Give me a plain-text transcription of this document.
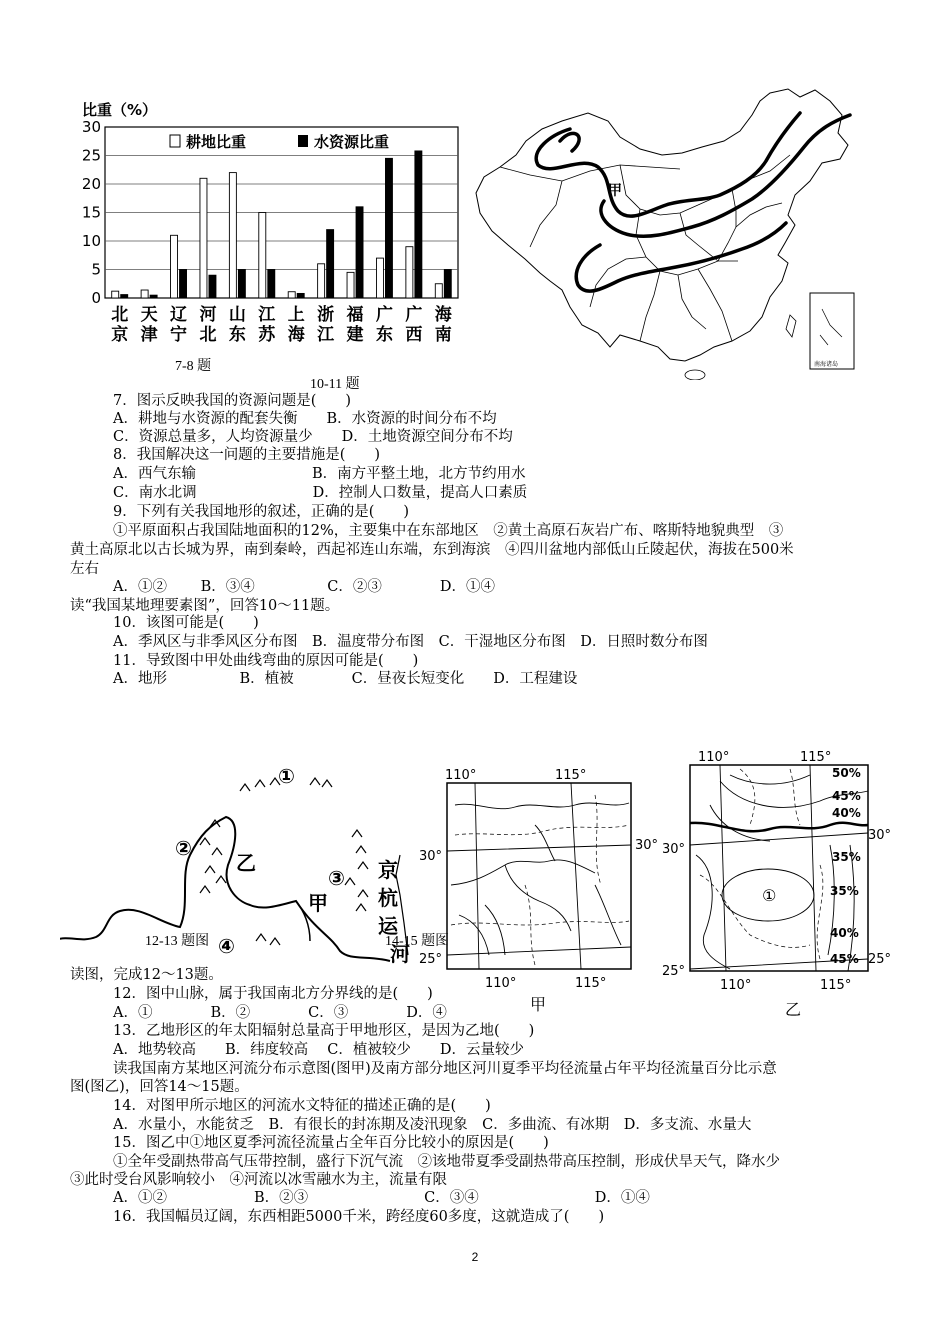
比重（%）
0
5
10
15
20
25
30
耕地比重	水资源比重
北
京
天
津
辽
宁
河
北
山
东
江
苏
上
海
浙
江
福
建
广
东
广
西
海
南
7-8 题
甲
南海诸岛
10-11 题
7．图示反映我国的资源问题是(　　)
A．耕地与水资源的配套失衡　　B．水资源的时间分布不均
C．资源总量多，人均资源量少　　D．土地资源空间分布不均
8．我国解决这一问题的主要措施是(　　)
A．西气东输　　　　　　　　B．南方平整土地，北方节约用水
C．南水北调　　　　　　　　D．控制人口数量，提高人口素质
9．下列有关我国地形的叙述，正确的是(　　)
①平原面积占我国陆地面积的12%，主要集中在东部地区　②黄土高原石灰岩广布、喀斯特地貌典型　③
黄土高原北以古长城为界，南到秦岭，西起祁连山东端，东到海滨　④四川盆地内部低山丘陵起伏，海拔在500米
左右
A．①②　　 B．③④　　　　　C．②③　　　　D．①④
读“我国某地理要素图”，回答10～11题。
10．该图可能是(　　)
A．季风区与非季风区分布图　B．温度带分布图　C．干湿地区分布图　D．日照时数分布图
11．导致图中甲处曲线弯曲的原因可能是(　　)
A．地形　　　　　B．植被　　　　C．昼夜长短变化　　D．工程建设
①
②
③
④
乙
甲
京
杭
运
河
12-13 题图	14-15 题图
110°	115°
30°
30°
25°
110°	115°
甲
110°	115°
30°
30°
25°
25°
110°	115°
乙
50%
45%
40%
35%
35%
40%
45%
①
读图，完成12～13题。
12．图中山脉，属于我国南北方分界线的是(　　)
A．①　　　　B．②　　　　C．③　　　　D．④
13．乙地形区的年太阳辐射总量高于甲地形区，是因为乙地(　　)
A．地势较高　　B．纬度较高　 C．植被较少　　D．云量较少
读我国南方某地区河流分布示意图(图甲)及南方部分地区河川夏季平均径流量占年平均径流量百分比示意
图(图乙)，回答14～15题。
14．对图甲所示地区的河流水文特征的描述正确的是(　　)
A．水量小，水能贫乏　B．有很长的封冻期及凌汛现象　C．多曲流、有冰期　D．多支流、水量大
15．图乙中①地区夏季河流径流量占全年百分比较小的原因是(　　)
①全年受副热带高气压带控制，盛行下沉气流　②该地带夏季受副热带高压控制，形成伏旱天气，降水少
③此时受台风影响较小　④河流以冰雪融水为主，流量有限
A．①②　　　　　　B．②③　　　　　　　　C．③④　　　　　　　　D．①④
16．我国幅员辽阔，东西相距5000千米，跨经度60多度，这就造成了(　　)
2
